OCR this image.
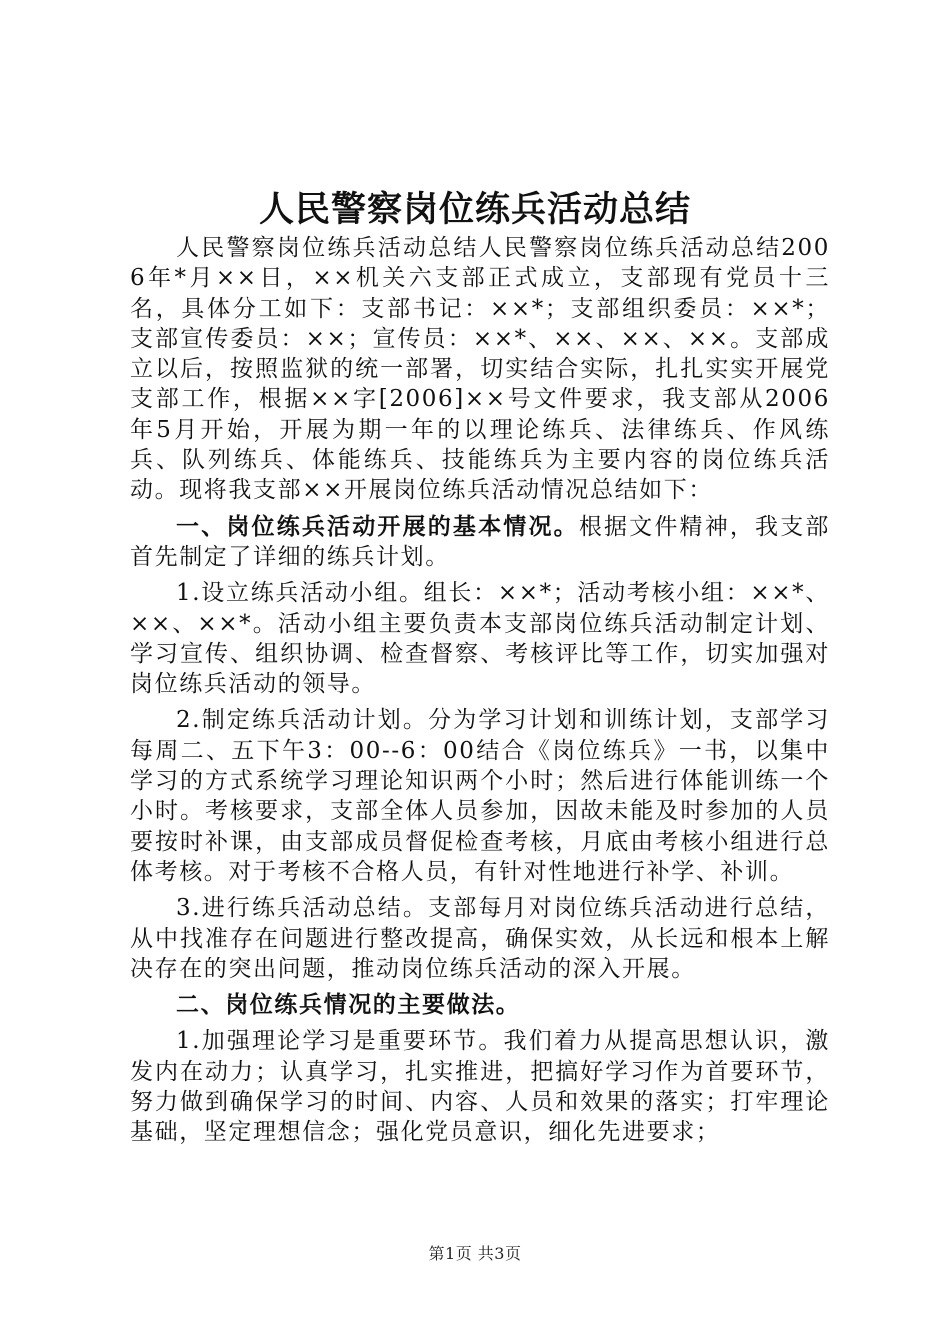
人民警察岗位练兵活动总结

人民警察岗位练兵活动总结人民警察岗位练兵活动总结2006年*月××日，××机关六支部正式成立，支部现有党员十三名，具体分工如下：支部书记：××*；支部组织委员：××*；支部宣传委员：××；宣传员：××*、××、××、××。支部成立以后，按照监狱的统一部署，切实结合实际，扎扎实实开展党支部工作，根据××字[2006]××号文件要求，我支部从2006年5月开始，开展为期一年的以理论练兵、法律练兵、作风练兵、队列练兵、体能练兵、技能练兵为主要内容的岗位练兵活动。现将我支部××开展岗位练兵活动情况总结如下：

一、岗位练兵活动开展的基本情况。根据文件精神，我支部首先制定了详细的练兵计划。

1.设立练兵活动小组。组长：××*；活动考核小组：××*、××、××*。活动小组主要负责本支部岗位练兵活动制定计划、学习宣传、组织协调、检查督察、考核评比等工作，切实加强对岗位练兵活动的领导。

2.制定练兵活动计划。分为学习计划和训练计划，支部学习每周二、五下午3：00--6：00结合《岗位练兵》一书，以集中学习的方式系统学习理论知识两个小时；然后进行体能训练一个小时。考核要求，支部全体人员参加，因故未能及时参加的人员要按时补课，由支部成员督促检查考核，月底由考核小组进行总体考核。对于考核不合格人员，有针对性地进行补学、补训。

3.进行练兵活动总结。支部每月对岗位练兵活动进行总结，从中找准存在问题进行整改提高，确保实效，从长远和根本上解决存在的突出问题，推动岗位练兵活动的深入开展。

二、岗位练兵情况的主要做法。

1.加强理论学习是重要环节。我们着力从提高思想认识，激发内在动力；认真学习，扎实推进，把搞好学习作为首要环节，努力做到确保学习的时间、内容、人员和效果的落实；打牢理论基础，坚定理想信念；强化党员意识，细化先进要求；

第1页 共3页
